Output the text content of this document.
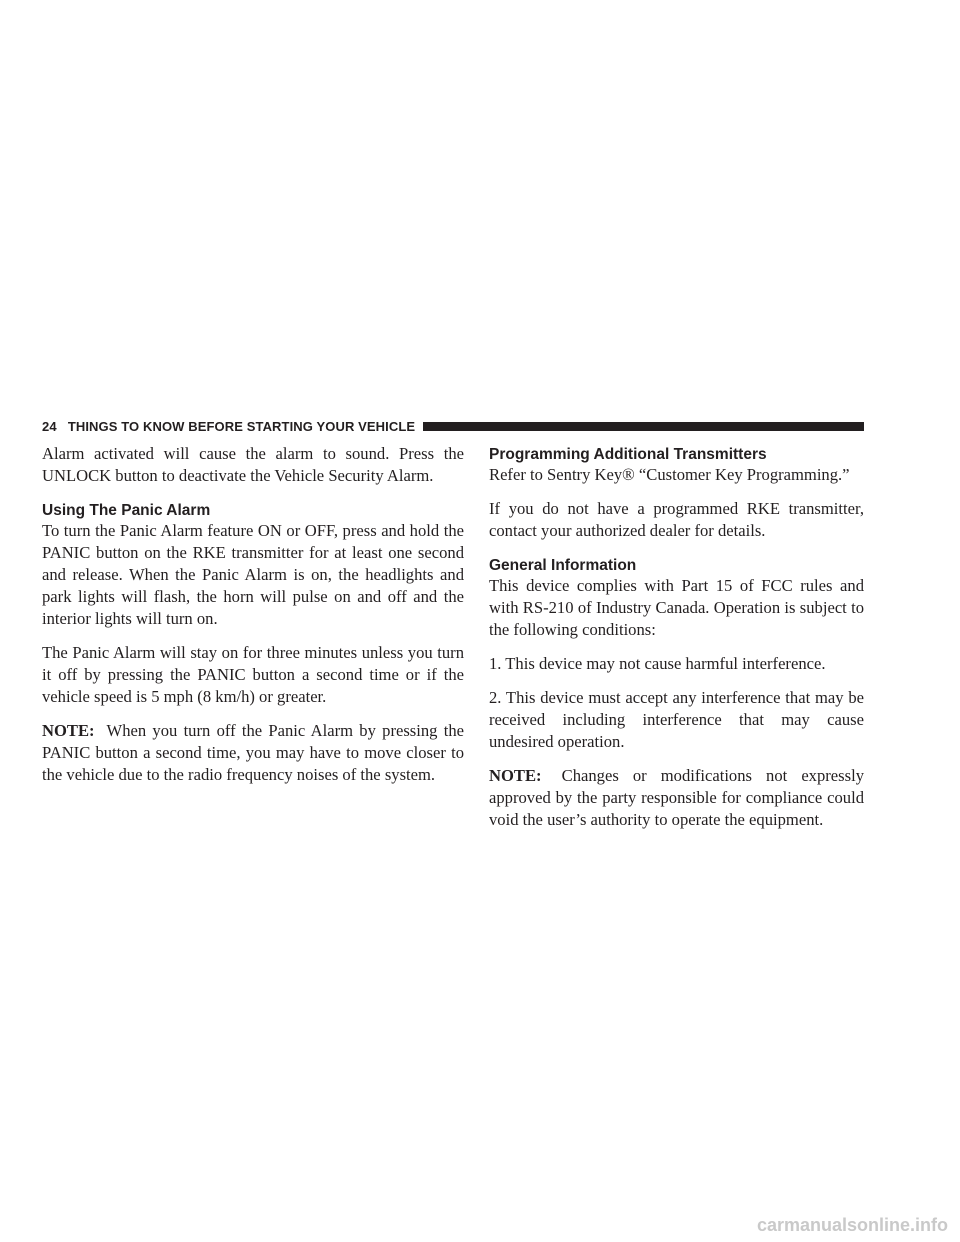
24 THINGS TO KNOW BEFORE STARTING YOUR VEHICLE

Alarm activated will cause the alarm to sound. Press the UNLOCK button to deactivate the Vehicle Security Alarm.

Using The Panic Alarm

To turn the Panic Alarm feature ON or OFF, press and hold the PANIC button on the RKE transmitter for at least one second and release. When the Panic Alarm is on, the headlights and park lights will flash, the horn will pulse on and off and the interior lights will turn on.

The Panic Alarm will stay on for three minutes unless you turn it off by pressing the PANIC button a second time or if the vehicle speed is 5 mph (8 km/h) or greater.

NOTE: When you turn off the Panic Alarm by pressing the PANIC button a second time, you may have to move closer to the vehicle due to the radio frequency noises of the system.

Programming Additional Transmitters

Refer to Sentry Key® “Customer Key Programming.”

If you do not have a programmed RKE transmitter, contact your authorized dealer for details.

General Information

This device complies with Part 15 of FCC rules and with RS-210 of Industry Canada. Operation is subject to the following conditions:

1. This device may not cause harmful interference.

2. This device must accept any interference that may be received including interference that may cause undesired operation.

NOTE: Changes or modifications not expressly approved by the party responsible for compliance could void the user’s authority to operate the equipment.

carmanualsonline.info
